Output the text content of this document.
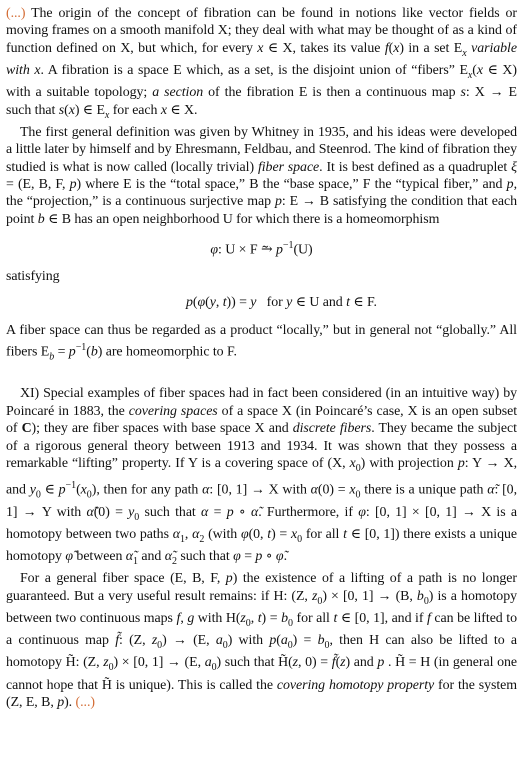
(...) The origin of the concept of fibration can be found in notions like vector fields or moving frames on a smooth manifold X; they deal with what may be thought of as a kind of function defined on X, but which, for every x ∈ X, takes its value f(x) in a set $E_x$ variable with x. A fibration is a space E which, as a set, is the disjoint union of “fibers” $E_x(x$ ∈ X) with a suitable topology; a section of the fibration E is then a continuous map s: X → E such that s(x) ∈ $E_x$ for each x ∈ X.

The first general definition was given by Whitney in 1935, and his ideas were developed a little later by himself and by Ehresmann, Feldbau, and Steenrod. The kind of fibration they studied is what is now called (locally trivial) fiber space. It is best defined as a quadruplet ξ = (E, B, F, p) where E is the “total space,” B the “base space,” F the “typical fiber,” and p, the “projection,” is a continuous surjective map p: E → B satisfying the condition that each point b ∈ B has an open neighborhood U for which there is a homeomorphism

φ: U × F ⥲ $p^{-1}(U)$

satisfying

p(φ(y, t)) = y   for y ∈ U and t ∈ F.

A fiber space can thus be regarded as a product “locally,” but in general not “globally.” All fibers $E_b = p^{-1}(b)$ are homeomorphic to F.

XI) Special examples of fiber spaces had in fact been considered (in an intuitive way) by Poincaré in 1883, the covering spaces of a space X (in Poincaré’s case, X is an open subset of C); they are fiber spaces with base space X and discrete fibers. They became the subject of a rigorous general theory between 1913 and 1934. It was shown that they possess a remarkable “lifting” property. If Y is a covering space of (X, $x_0$) with projection p: Y → X, and $y_0$ ∈ $p^{-1}(x_0)$, then for any path α: [0, 1] → X with $\alpha(0) = x_0$ there is a unique path α̃: [0, 1] → Y with α̃(0) = $y_0$ such that α = p ∘ α̃. Furthermore, if φ: [0, 1] × [0, 1] → X is a homotopy between two paths $\alpha_1$, $\alpha_2$ (with φ(0, $t) = x_0$ for all t ∈ [0, 1]) there exists a unique homotopy φ̃ between $\alphã_1$ and $\alphã_2$ such that φ = p ∘ φ̃.

For a general fiber space (E, B, F, p) the existence of a lifting of a path is no longer guaranteed. But a very useful result remains: if H: (Z, $z_0) \times [0$, 1] → (B, $b_0$) is a homotopy between two continuous maps f, g with $H(z_0$, $t) = b_0$ for all t ∈ [0, 1], and if f can be lifted to a continuous map f̃: (Z, $z_0) \to (E$, $a_0$) with $p(a_0) = b_0$, then H can also be lifted to a homotopy H̃: (Z, $z_0) \times [0$, 1] → (E, $a_0$) such that H̃(z, 0) = f̃(z) and p . H̃ = H (in general one cannot hope that H̃ is unique). This is called the covering homotopy property for the system (Z, E, B, p). (...)
